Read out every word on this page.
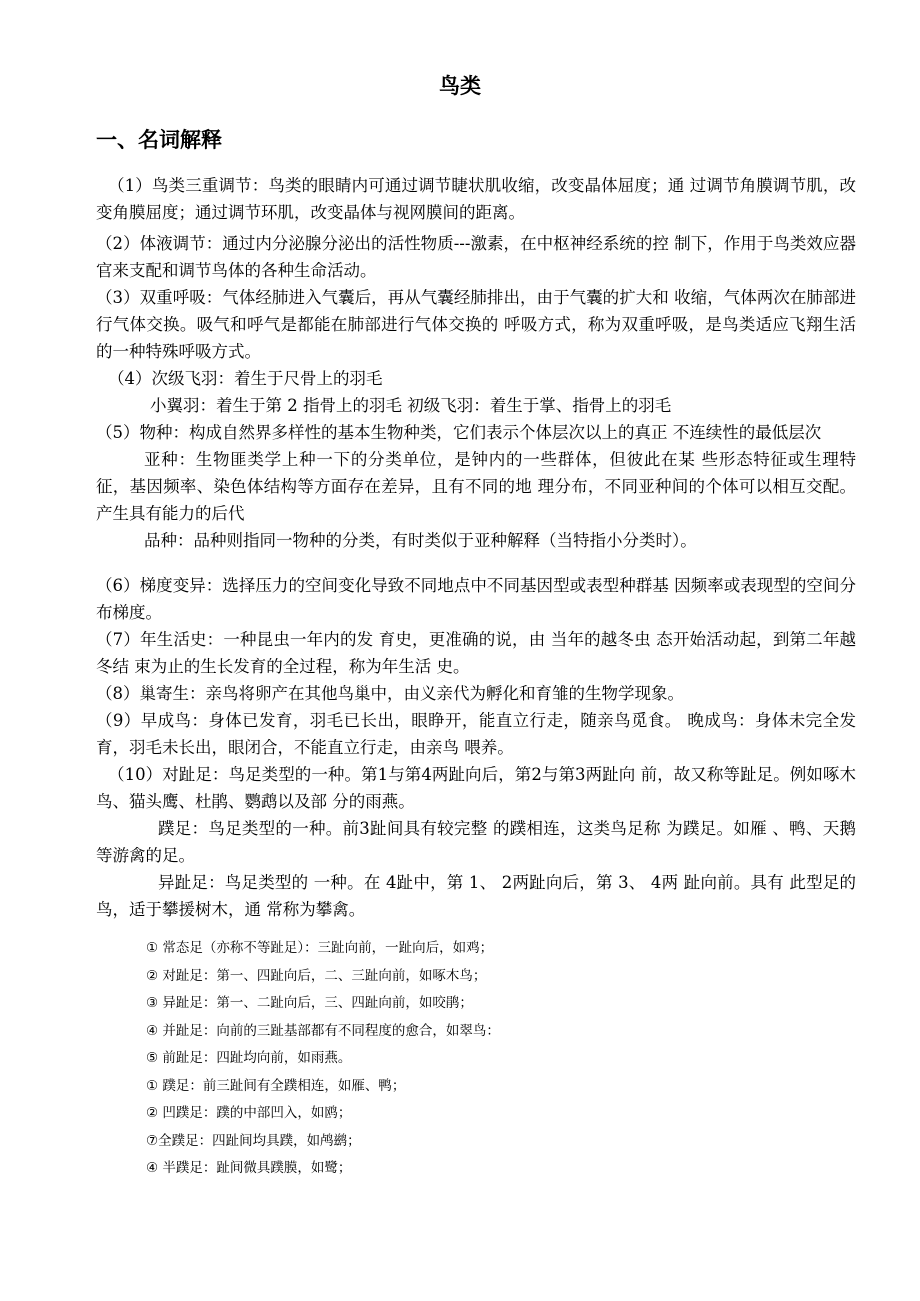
鸟类
一、名词解释

（1）鸟类三重调节：鸟类的眼睛内可通过调节睫状肌收缩，改变晶体屈度；通 过调节角膜调节肌，改变角膜屈度；通过调节环肌，改变晶体与视网膜间的距离。

（2）体液调节：通过内分泌腺分泌出的活性物质---激素，在中枢神经系统的控 制下，作用于鸟类效应器官来支配和调节鸟体的各种生命活动。

（3）双重呼吸：气体经肺进入气囊后，再从气囊经肺排出，由于气囊的扩大和 收缩，气体两次在肺部进行气体交换。吸气和呼气是都能在肺部进行气体交换的 呼吸方式，称为双重呼吸，是鸟类适应飞翔生活的一种特殊呼吸方式。

（4）次级飞羽：着生于尺骨上的羽毛

小翼羽：着生于第 2 指骨上的羽毛 初级飞羽：着生于掌、指骨上的羽毛

（5）物种：构成自然界多样性的基本生物种类，它们表示个体层次以上的真正 不连续性的最低层次

亚种：生物匪类学上种一下的分类单位，是钟内的一些群体，但彼此在某 些形态特征或生理特征，基因频率、染色体结构等方面存在差异，且有不同的地 理分布，不同亚种间的个体可以相互交配。产生具有能力的后代

品种：品种则指同一物种的分类，有时类似于亚种解释（当特指小分类时）。

（6）梯度变异：选择压力的空间变化导致不同地点中不同基因型或表型种群基 因频率或表现型的空间分布梯度。

（7）年生活史：一种昆虫一年内的发 育史，更准确的说，由 当年的越冬虫 态开始活动起，到第二年越冬结 束为止的生长发育的全过程，称为年生活 史。

（8）巢寄生：亲鸟将卵产在其他鸟巢中，由义亲代为孵化和育雏的生物学现象。

（9）早成鸟：身体已发育，羽毛已长出，眼睁开，能直立行走，随亲鸟觅食。 晚成鸟：身体未完全发育，羽毛未长出，眼闭合，不能直立行走，由亲鸟 喂养。

（10）对趾足：鸟足类型的一种。第1与第4两趾向后，第2与第3两趾向 前，故又称等趾足。例如啄木 鸟、猫头鹰、杜鹃、鹦鹉以及部 分的雨燕。

蹼足：鸟足类型的一种。前3趾间具有较完整 的蹼相连，这类鸟足称 为蹼足。如雁 、鸭、天鹅等游禽的足。

异趾足：鸟足类型的 一种。在 4趾中，第 1、 2两趾向后，第 3、 4两 趾向前。具有 此型足的鸟，适于攀援树木，通 常称为攀禽。

① 常态足（亦称不等趾足）：三趾向前，一趾向后，如鸡；

② 对趾足：第一、四趾向后，二、三趾向前，如啄木鸟；

③ 异趾足：第一、二趾向后，三、四趾向前，如咬鹃；

④ 并趾足：向前的三趾基部都有不同程度的愈合，如翠鸟：

⑤ 前趾足：四趾均向前，如雨燕。

① 蹼足：前三趾间有全蹼相连，如雁、鸭；

② 凹蹼足：蹼的中部凹入，如鸥；

⑦全蹼足：四趾间均具蹼，如鸬鹚；

④ 半蹼足：趾间微具蹼膜，如鹭；
